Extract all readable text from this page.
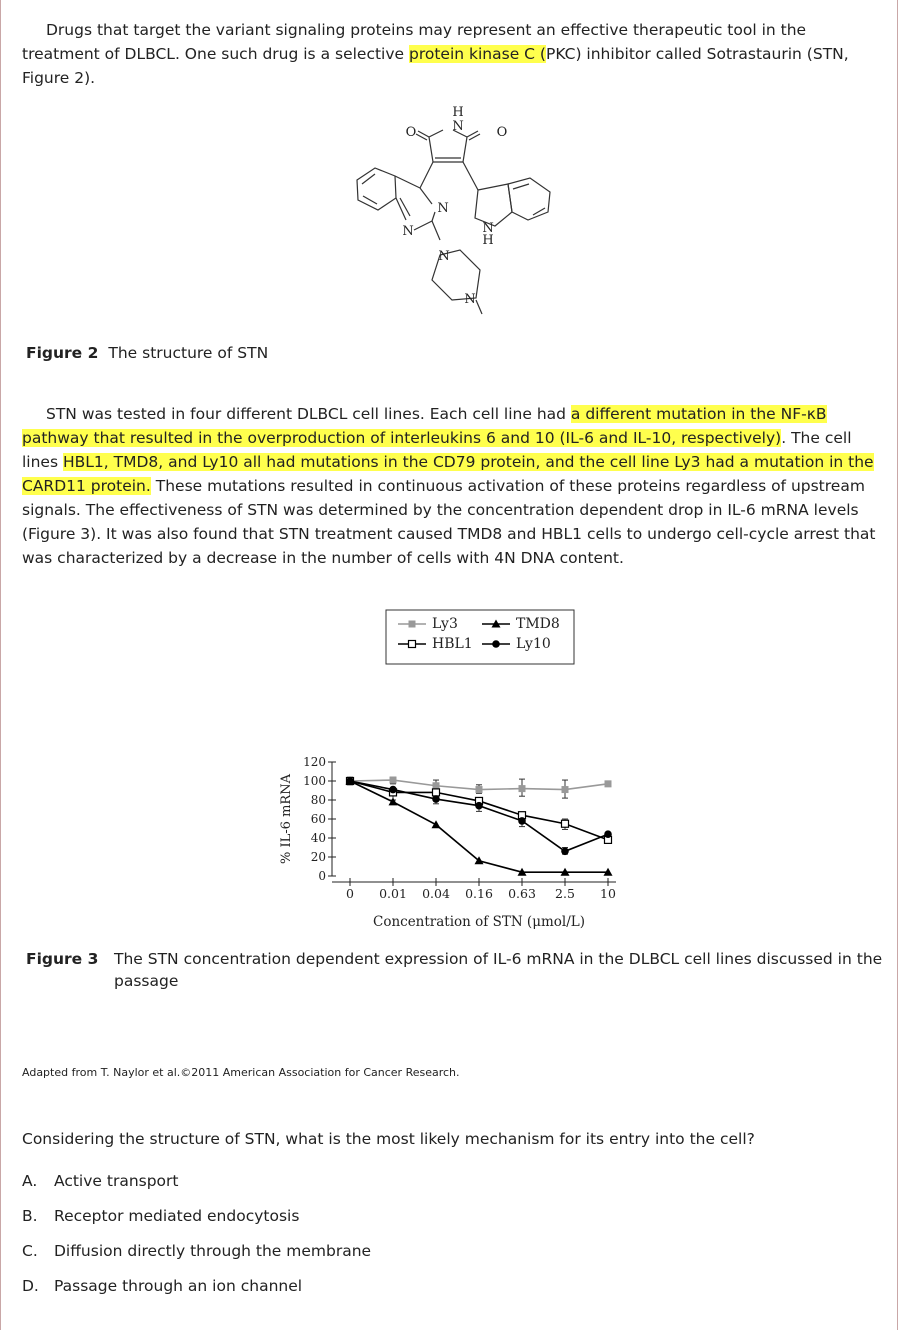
Drugs that target the variant signaling proteins may represent an effective therapeutic tool in the treatment of DLBCL. One such drug is a selective protein kinase C (PKC) inhibitor called Sotrastaurin (STN, Figure 2).

H
N
O	O
N
N	N
H
N
N
Figure 2 The structure of STN

STN was tested in four different DLBCL cell lines. Each cell line had a different mutation in the NF-κB pathway that resulted in the overproduction of interleukins 6 and 10 (IL-6 and IL-10, respectively). The cell lines HBL1, TMD8, and Ly10 all had mutations in the CD79 protein, and the cell line Ly3 had a mutation in the CARD11 protein. These mutations resulted in continuous activation of these proteins regardless of upstream signals. The effectiveness of STN was determined by the concentration dependent drop in IL-6 mRNA levels (Figure 3). It was also found that STN treatment caused TMD8 and HBL1 cells to undergo cell-cycle arrest that was characterized by a decrease in the number of cells with 4N DNA content.

Ly3
HBL1
TMD8
Ly10
0
20
40
60
80
100
120
0 0.01 0.04 0.16 0.63 2.5 10
% IL-6 mRNA
Concentration of STN (μmol/L)
Figure 3	The STN concentration dependent expression of IL-6 mRNA in the DLBCL cell lines discussed in the passage
Adapted from T. Naylor et al.©2011 American Association for Cancer Research.
Considering the structure of STN, what is the most likely mechanism for its entry into the cell?
A.	Active transport
B.	Receptor mediated endocytosis
C.	Diffusion directly through the membrane
D. Passage through an ion channel
